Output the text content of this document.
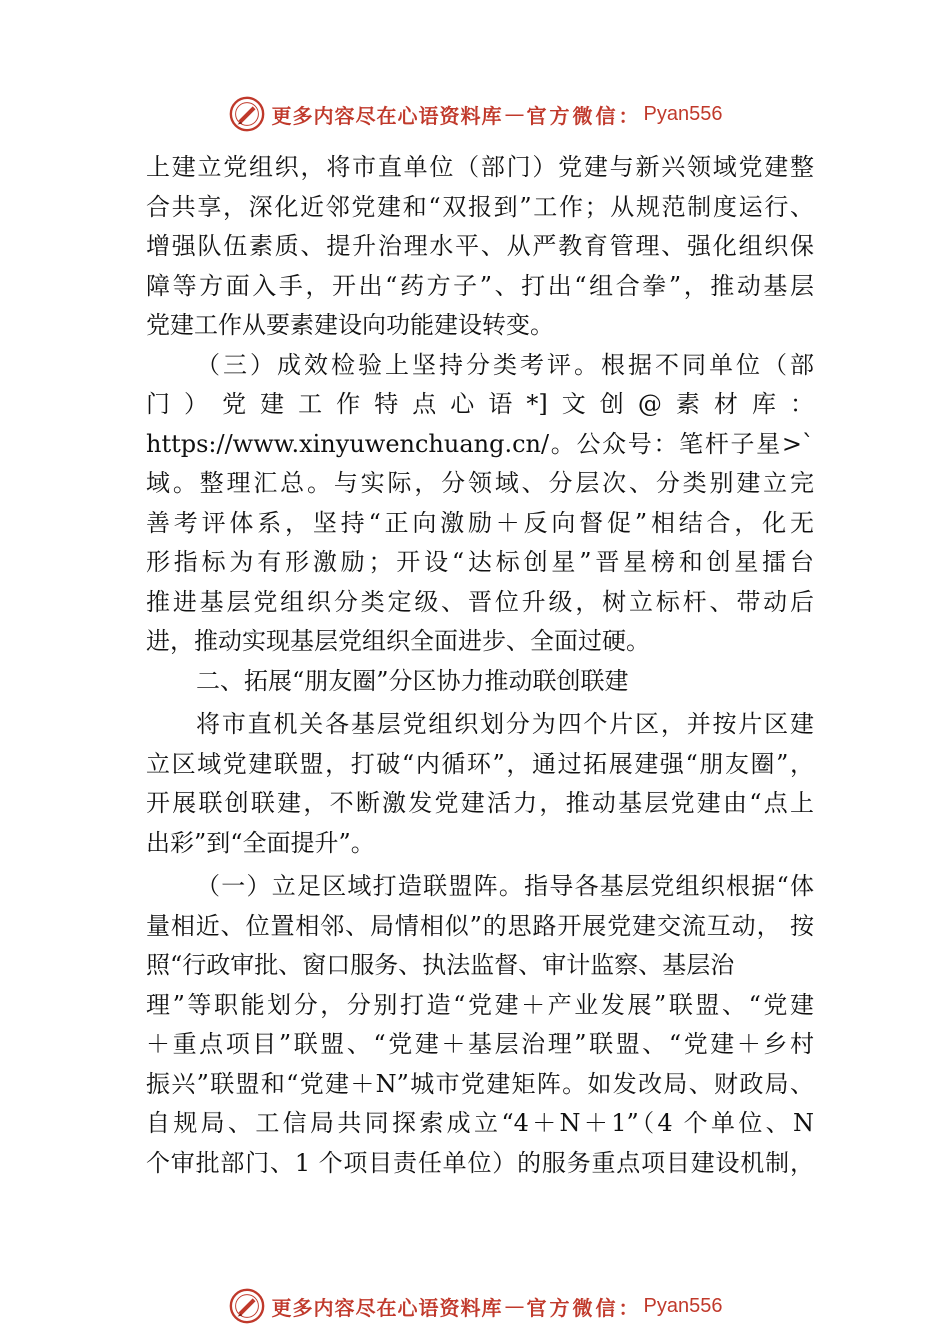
更多内容尽在心语资料库 — 官方微信： Pyan556
上建立党组织，将市直单位（部门）党建与新兴领域党建整
合共享，深化近邻党建和“双报到”工作；从规范制度运行、
增强队伍素质、提升治理水平、从严教育管理、强化组织保
障等方面入手，开出“药方子”、打出“组合拳”，推动基层
党建工作从要素建设向功能建设转变。
（三）成效检验上坚持分类考评。根据不同单位（部
门）党建工作特点心语*]文创@素材库：
https://www.xinyuwenchuang.cn/。公众号：笔杆子星>`
域。整理汇总。与实际，分领域、分层次、分类别建立完
善考评体系，坚持“正向激励＋反向督促”相结合，化无
形指标为有形激励；开设“达标创星”晋星榜和创星擂台
推进基层党组织分类定级、晋位升级，树立标杆、带动后
进，推动实现基层党组织全面进步、全面过硬。
二、拓展“朋友圈”分区协力推动联创联建
将市直机关各基层党组织划分为四个片区，并按片区建
立区域党建联盟，打破“内循环”，通过拓展建强“朋友圈”，
开展联创联建，不断激发党建活力，推动基层党建由“点上
出彩”到“全面提升”。
（一）立足区域打造联盟阵。指导各基层党组织根据“体
量相近、位置相邻、局情相似”的思路开展党建交流互动， 按
照“行政审批、窗口服务、执法监督、审计监察、基层治
理”等职能划分，分别打造“党建＋产业发展”联盟、“党建
＋重点项目”联盟、“党建＋基层治理”联盟、“党建＋乡村
振兴”联盟和“党建＋N”城市党建矩阵。如发改局、财政局、
自规局、工信局共同探索成立“4＋N＋1”（4 个单位、N
个审批部门、1 个项目责任单位）的服务重点项目建设机制，
更多内容尽在心语资料库 — 官方微信： Pyan556
